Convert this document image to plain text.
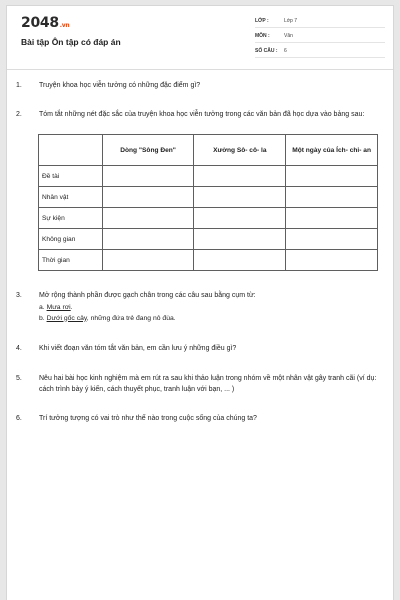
2048.vn
Bài tập Ôn tập có đáp án
LỚP :	Lớp 7
MÔN :	Văn
SỐ CÂU : 6
1. Truyện khoa học viễn tưởng có những đặc điểm gì?
2. Tóm tắt những nét đặc sắc của truyện khoa học viễn tưởng trong các văn bản đã học dựa vào bảng sau:
	Dòng "Sông Đen"	Xưởng Sô- cô- la	Một ngày của Ích- chi- an
Đề tài			
Nhân vật			
Sự kiện			
Không gian			
Thời gian			
3. Mở rộng thành phần được gạch chân trong các câu sau bằng cụm từ:
a. Mưa rơi.
b. Dưới gốc cây, những đứa trẻ đang nô đùa.
4. Khi viết đoạn văn tóm tắt văn bản, em cần lưu ý những điều gì?
5. Nêu hai bài học kinh nghiệm mà em rút ra sau khi thảo luận trong nhóm về một nhân vật gây tranh cãi (ví dụ: cách trình bày ý kiến, cách thuyết phục, tranh luận với bạn, ... )
6. Trí tưởng tượng có vai trò như thế nào trong cuộc sống của chúng ta?
